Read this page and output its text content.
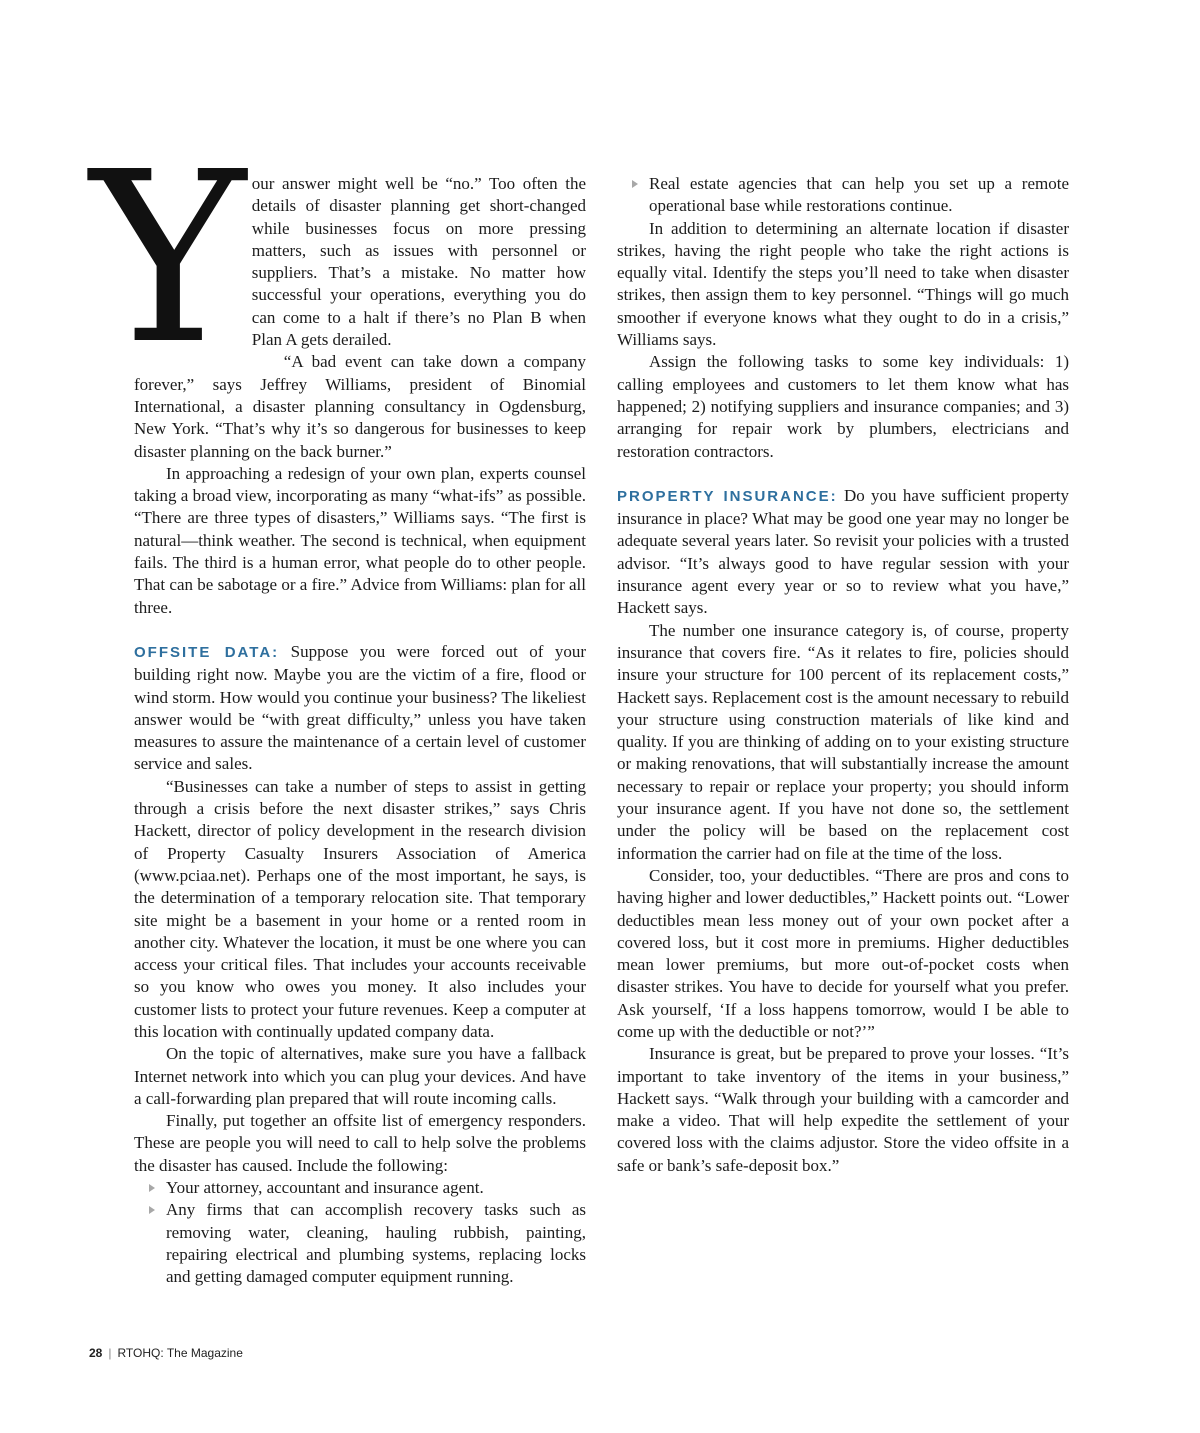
Your answer might well be “no.” Too often the details of disaster planning get short-changed while businesses focus on more pressing matters, such as issues with personnel or suppliers. That’s a mistake. No matter how successful your operations, everything you do can come to a halt if there’s no Plan B when Plan A gets derailed.

“A bad event can take down a company forever,” says Jeffrey Williams, president of Binomial International, a disaster planning consultancy in Ogdensburg, New York. “That’s why it’s so dangerous for businesses to keep disaster planning on the back burner.”

In approaching a redesign of your own plan, experts counsel taking a broad view, incorporating as many “what-ifs” as possible. “There are three types of disasters,” Williams says. “The first is natural—think weather. The second is technical, when equipment fails. The third is a human error, what people do to other people. That can be sabotage or a fire.” Advice from Williams: plan for all three.

OFFSITE DATA: Suppose you were forced out of your building right now. Maybe you are the victim of a fire, flood or wind storm. How would you continue your business? The likeliest answer would be “with great difficulty,” unless you have taken measures to assure the maintenance of a certain level of customer service and sales.

“Businesses can take a number of steps to assist in getting through a crisis before the next disaster strikes,” says Chris Hackett, director of policy development in the research division of Property Casualty Insurers Association of America (www.pciaa.net). Perhaps one of the most important, he says, is the determination of a temporary relocation site. That temporary site might be a basement in your home or a rented room in another city. Whatever the location, it must be one where you can access your critical files. That includes your accounts receivable so you know who owes you money. It also includes your customer lists to protect your future revenues. Keep a computer at this location with continually updated company data.

On the topic of alternatives, make sure you have a fallback Internet network into which you can plug your devices. And have a call-forwarding plan prepared that will route incoming calls.

Finally, put together an offsite list of emergency responders. These are people you will need to call to help solve the problems the disaster has caused. Include the following:

Your attorney, accountant and insurance agent.
Any firms that can accomplish recovery tasks such as removing water, cleaning, hauling rubbish, painting, repairing electrical and plumbing systems, replacing locks and getting damaged computer equipment running.
Real estate agencies that can help you set up a remote operational base while restorations continue.

In addition to determining an alternate location if disaster strikes, having the right people who take the right actions is equally vital. Identify the steps you’ll need to take when disaster strikes, then assign them to key personnel. “Things will go much smoother if everyone knows what they ought to do in a crisis,” Williams says.

Assign the following tasks to some key individuals: 1) calling employees and customers to let them know what has happened; 2) notifying suppliers and insurance companies; and 3) arranging for repair work by plumbers, electricians and restoration contractors.

PROPERTY INSURANCE: Do you have sufficient property insurance in place? What may be good one year may no longer be adequate several years later. So revisit your policies with a trusted advisor. “It’s always good to have regular session with your insurance agent every year or so to review what you have,” Hackett says.

The number one insurance category is, of course, property insurance that covers fire. “As it relates to fire, policies should insure your structure for 100 percent of its replacement costs,” Hackett says. Replacement cost is the amount necessary to rebuild your structure using construction materials of like kind and quality. If you are thinking of adding on to your existing structure or making renovations, that will substantially increase the amount necessary to repair or replace your property; you should inform your insurance agent. If you have not done so, the settlement under the policy will be based on the replacement cost information the carrier had on file at the time of the loss.

Consider, too, your deductibles. “There are pros and cons to having higher and lower deductibles,” Hackett points out. “Lower deductibles mean less money out of your own pocket after a covered loss, but it cost more in premiums. Higher deductibles mean lower premiums, but more out-of-pocket costs when disaster strikes. You have to decide for yourself what you prefer. Ask yourself, ‘If a loss happens tomorrow, would I be able to come up with the deductible or not?’”

Insurance is great, but be prepared to prove your losses. “It’s important to take inventory of the items in your business,” Hackett says. “Walk through your building with a camcorder and make a video. That will help expedite the settlement of your covered loss with the claims adjustor. Store the video offsite in a safe or bank’s safe-deposit box.”

28 | RTOHQ: The Magazine
